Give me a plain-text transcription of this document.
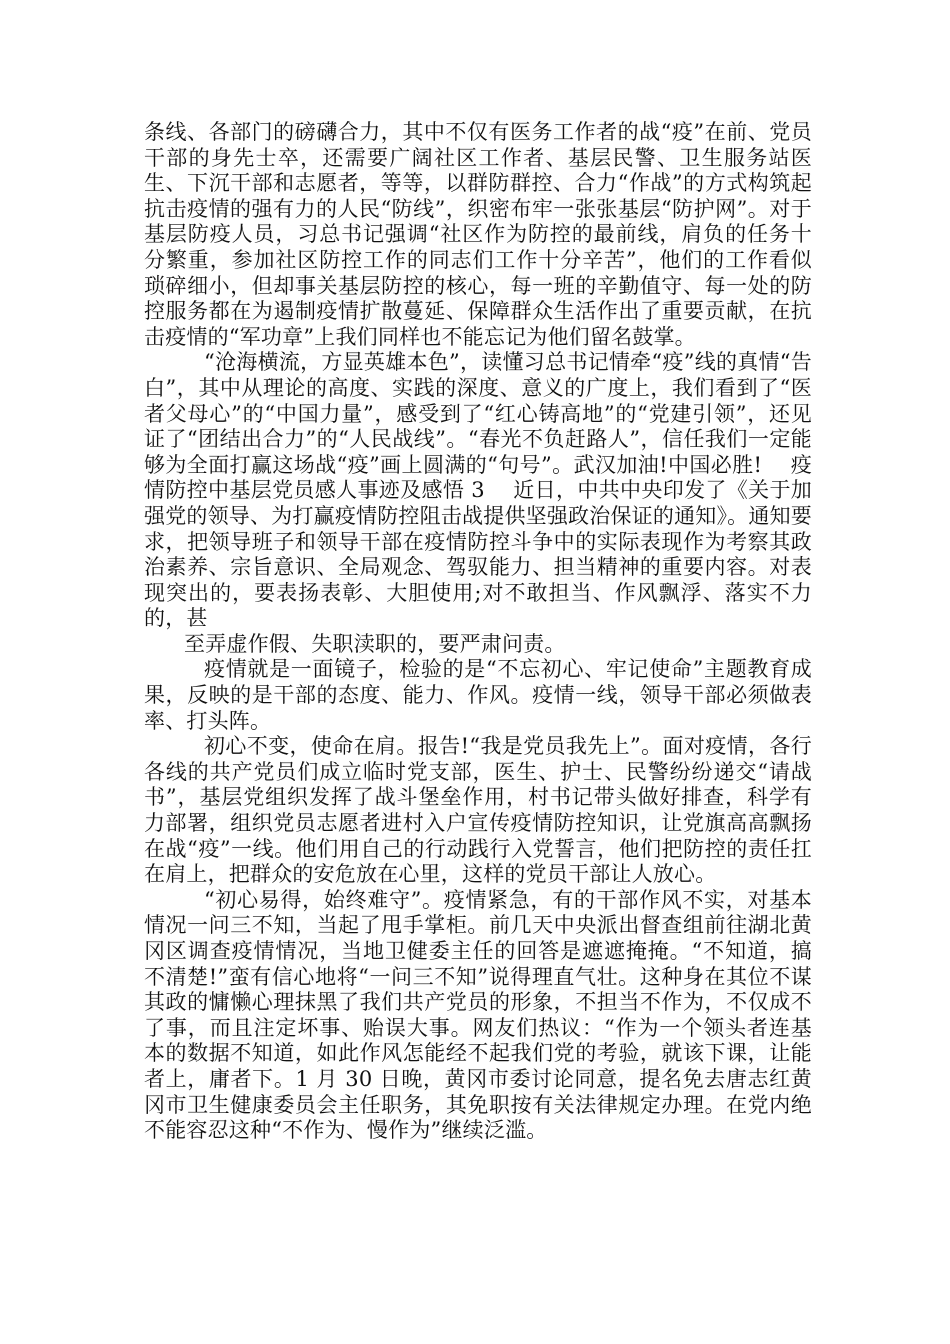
条线、各部门的磅礴合力，其中不仅有医务工作者的战“疫”在前、党员干部的身先士卒，还需要广阔社区工作者、基层民警、卫生服务站医生、下沉干部和志愿者，等等，以群防群控、合力“作战”的方式构筑起抗击疫情的强有力的人民“防线”，织密布牢一张张基层“防护网”。对于基层防疫人员，习总书记强调“社区作为防控的最前线，肩负的任务十分繁重，参加社区防控工作的同志们工作十分辛苦”，他们的工作看似琐碎细小，但却事关基层防控的核心，每一班的辛勤值守、每一处的防控服务都在为遏制疫情扩散蔓延、保障群众生活作出了重要贡献，在抗击疫情的“军功章”上我们同样也不能忘记为他们留名鼓掌。

“沧海横流，方显英雄本色”，读懂习总书记情牵“疫”线的真情“告白”，其中从理论的高度、实践的深度、意义的广度上，我们看到了“医者父母心”的“中国力量”，感受到了“红心铸高地”的“党建引领”，还见证了“团结出合力”的“人民战线”。“春光不负赶路人”，信任我们一定能够为全面打赢这场战“疫”画上圆满的“句号”。武汉加油!中国必胜!　 疫情防控中基层党员感人事迹及感悟 3　 近日，中共中央印发了《关于加强党的领导、为打赢疫情防控阻击战提供坚强政治保证的通知》。通知要求，把领导班子和领导干部在疫情防控斗争中的实际表现作为考察其政治素养、宗旨意识、全局观念、驾驭能力、担当精神的重要内容。对表现突出的，要表扬表彰、大胆使用;对不敢担当、作风飘浮、落实不力的，甚

至弄虚作假、失职渎职的，要严肃问责。

疫情就是一面镜子，检验的是“不忘初心、牢记使命”主题教育成果，反映的是干部的态度、能力、作风。疫情一线，领导干部必须做表率、打头阵。

初心不变，使命在肩。报告!“我是党员我先上”。面对疫情，各行各线的共产党员们成立临时党支部，医生、护士、民警纷纷递交“请战书”，基层党组织发挥了战斗堡垒作用，村书记带头做好排查，科学有力部署，组织党员志愿者进村入户宣传疫情防控知识，让党旗高高飘扬在战“疫”一线。他们用自己的行动践行入党誓言，他们把防控的责任扛在肩上，把群众的安危放在心里，这样的党员干部让人放心。

“初心易得，始终难守”。疫情紧急，有的干部作风不实，对基本情况一问三不知，当起了甩手掌柜。前几天中央派出督查组前往湖北黄冈区调查疫情情况，当地卫健委主任的回答是遮遮掩掩。“不知道，搞不清楚!”蛮有信心地将“一问三不知”说得理直气壮。这种身在其位不谋其政的慵懒心理抹黑了我们共产党员的形象，不担当不作为，不仅成不了事，而且注定坏事、贻误大事。网友们热议：“作为一个领头者连基本的数据不知道，如此作风怎能经不起我们党的考验，就该下课，让能者上，庸者下。1 月 30 日晚，黄冈市委讨论同意，提名免去唐志红黄冈市卫生健康委员会主任职务，其免职按有关法律规定办理。在党内绝不能容忍这种“不作为、慢作为”继续泛滥。
